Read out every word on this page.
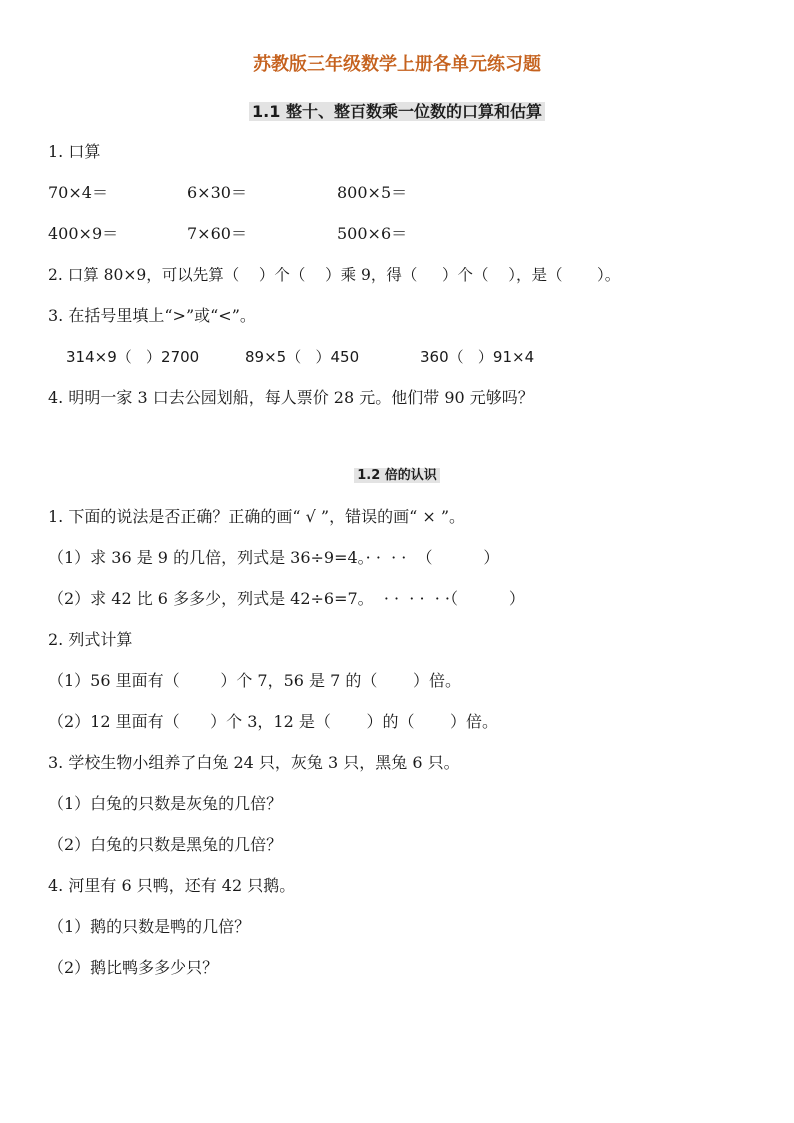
苏教版三年级数学上册各单元练习题
1.1 整十、整百数乘一位数的口算和估算
1. 口算
70×4＝	6×30＝	800×5＝
400×9＝	7×60＝	500×6＝
2. 口算 80×9，可以先算（    ）个（    ）乘 9，得（     ）个（    ），是（       ）。
3. 在括号里填上“>”或“<”。
314×9（   ）2700	89×5（   ）450	360（   ）91×4
4. 明明一家 3 口去公园划船，每人票价 28 元。他们带 90 元够吗？
1.2 倍的认识
1. 下面的说法是否正确？正确的画“ √ ”，错误的画“ × ”。
（1）求 36 是 9 的几倍，列式是 36÷9=4。· ·  · ·  （          ）
（2）求 42 比 6 多多少，列式是 42÷6=7。  · ·  · ·  · ·（          ）
2. 列式计算
（1）56 里面有（        ）个 7，56 是 7 的（       ）倍。
（2）12 里面有（      ）个 3，12 是（       ）的（       ）倍。
3. 学校生物小组养了白兔 24 只，灰兔 3 只，黑兔 6 只。
（1）白兔的只数是灰兔的几倍？
（2）白兔的只数是黑兔的几倍？
4. 河里有 6 只鸭，还有 42 只鹅。
（1）鹅的只数是鸭的几倍？
（2）鹅比鸭多多少只？
